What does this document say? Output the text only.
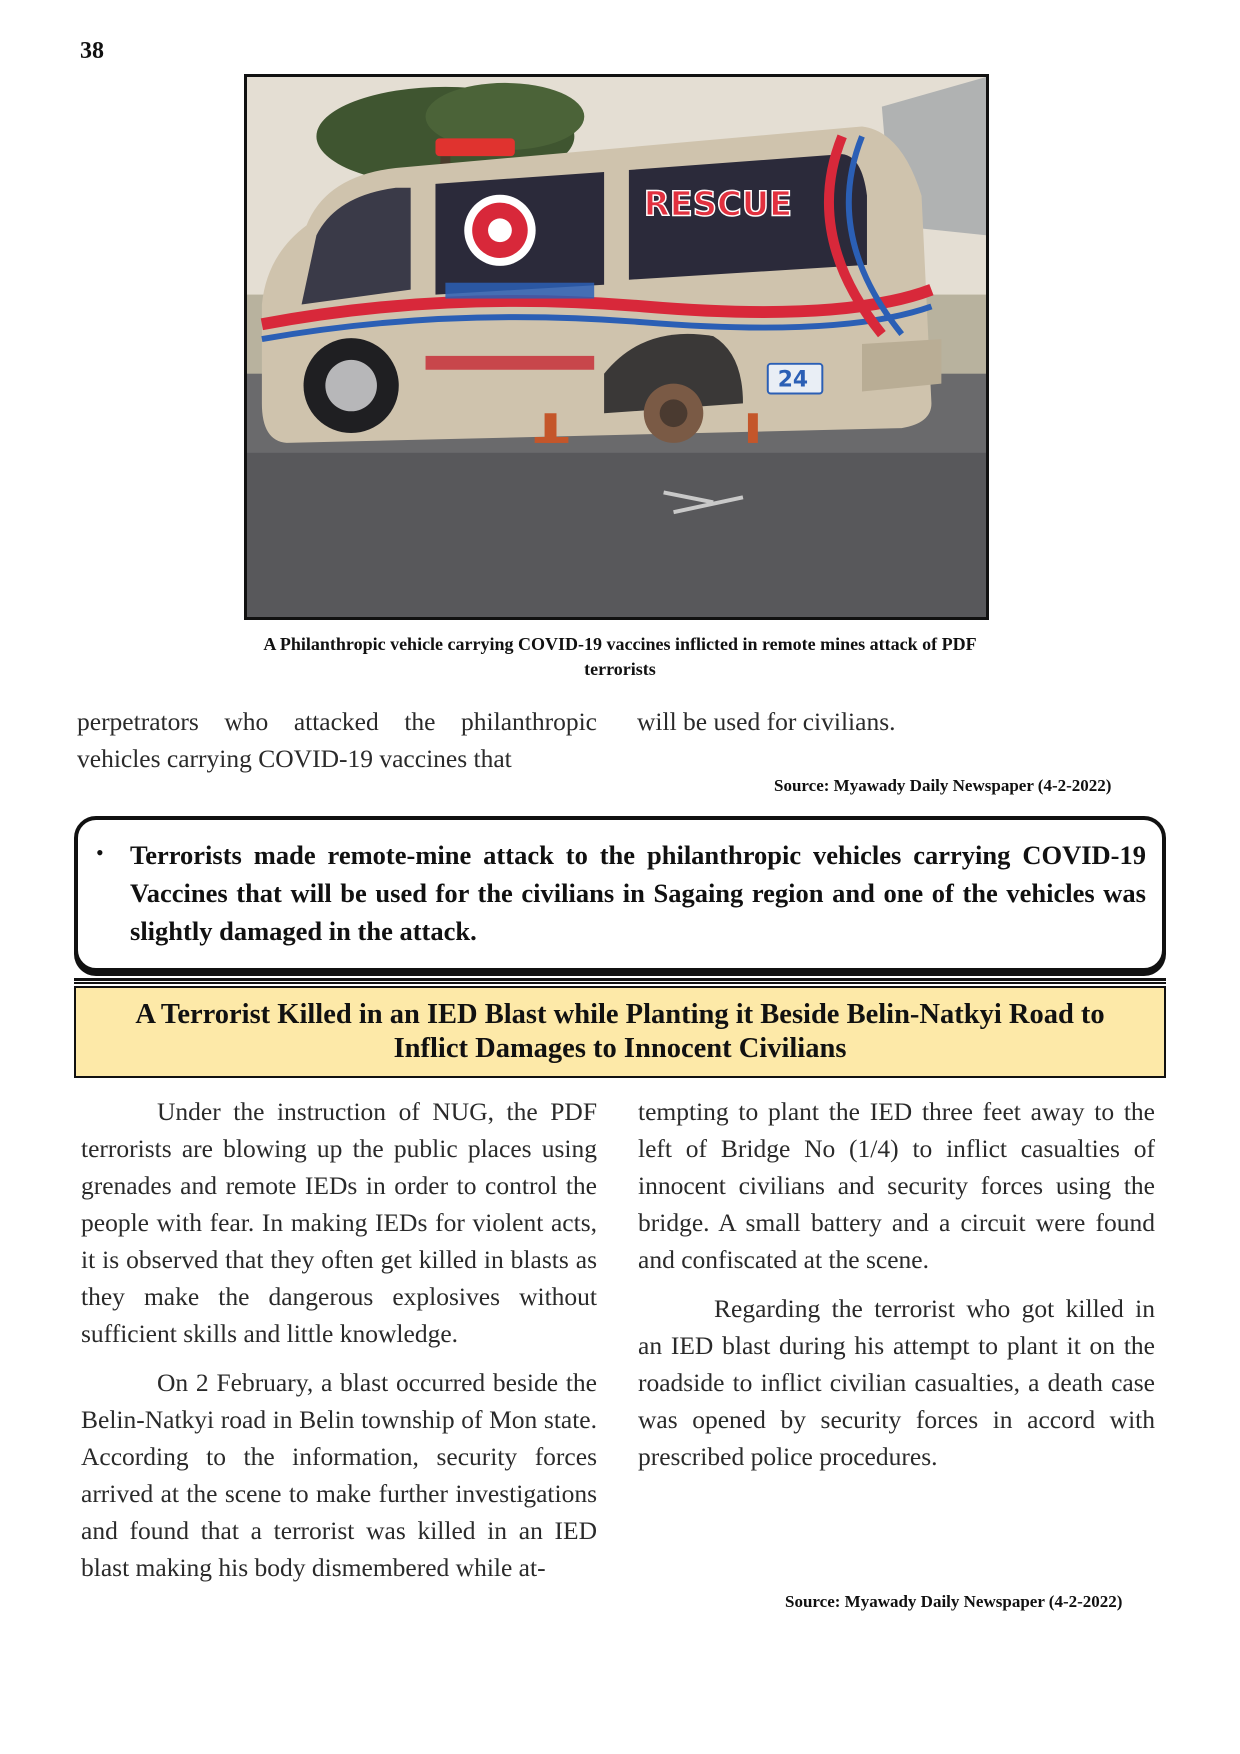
38
RESCUE
24
A Philanthropic vehicle carrying COVID-19 vaccines inflicted in remote mines attack of PDF
terrorists

perpetrators who attacked the philanthropic vehicles carrying COVID-19 vaccines that

will be used for civilians.

Source: Myawady Daily Newspaper (4-2-2022)
• Terrorists made remote-mine attack to the philanthropic vehicles carrying COVID-19 Vaccines that will be used for the civilians in Sagaing region and one of the vehicles was slightly damaged in the attack.
A Terrorist Killed in an IED Blast while Planting it Beside Belin-Natkyi Road to
Inflict Damages to Innocent Civilians

Under the instruction of NUG, the PDF terrorists are blowing up the public places using grenades and remote IEDs in order to control the people with fear. In making IEDs for violent acts, it is observed that they often get killed in blasts as they make the dangerous explosives without sufficient skills and little knowledge.

On 2 February, a blast occurred beside the Belin-Natkyi road in Belin township of Mon state. According to the information, security forces arrived at the scene to make further investigations and found that a terrorist was killed in an IED blast making his body dismembered while at-

tempting to plant the IED three feet away to the left of Bridge No (1/4) to inflict casualties of innocent civilians and security forces using the bridge. A small battery and a circuit were found and confiscated at the scene.

Regarding the terrorist who got killed in an IED blast during his attempt to plant it on the roadside to inflict civilian casualties, a death case was opened by security forces in accord with prescribed police procedures.

Source: Myawady Daily Newspaper (4-2-2022)
